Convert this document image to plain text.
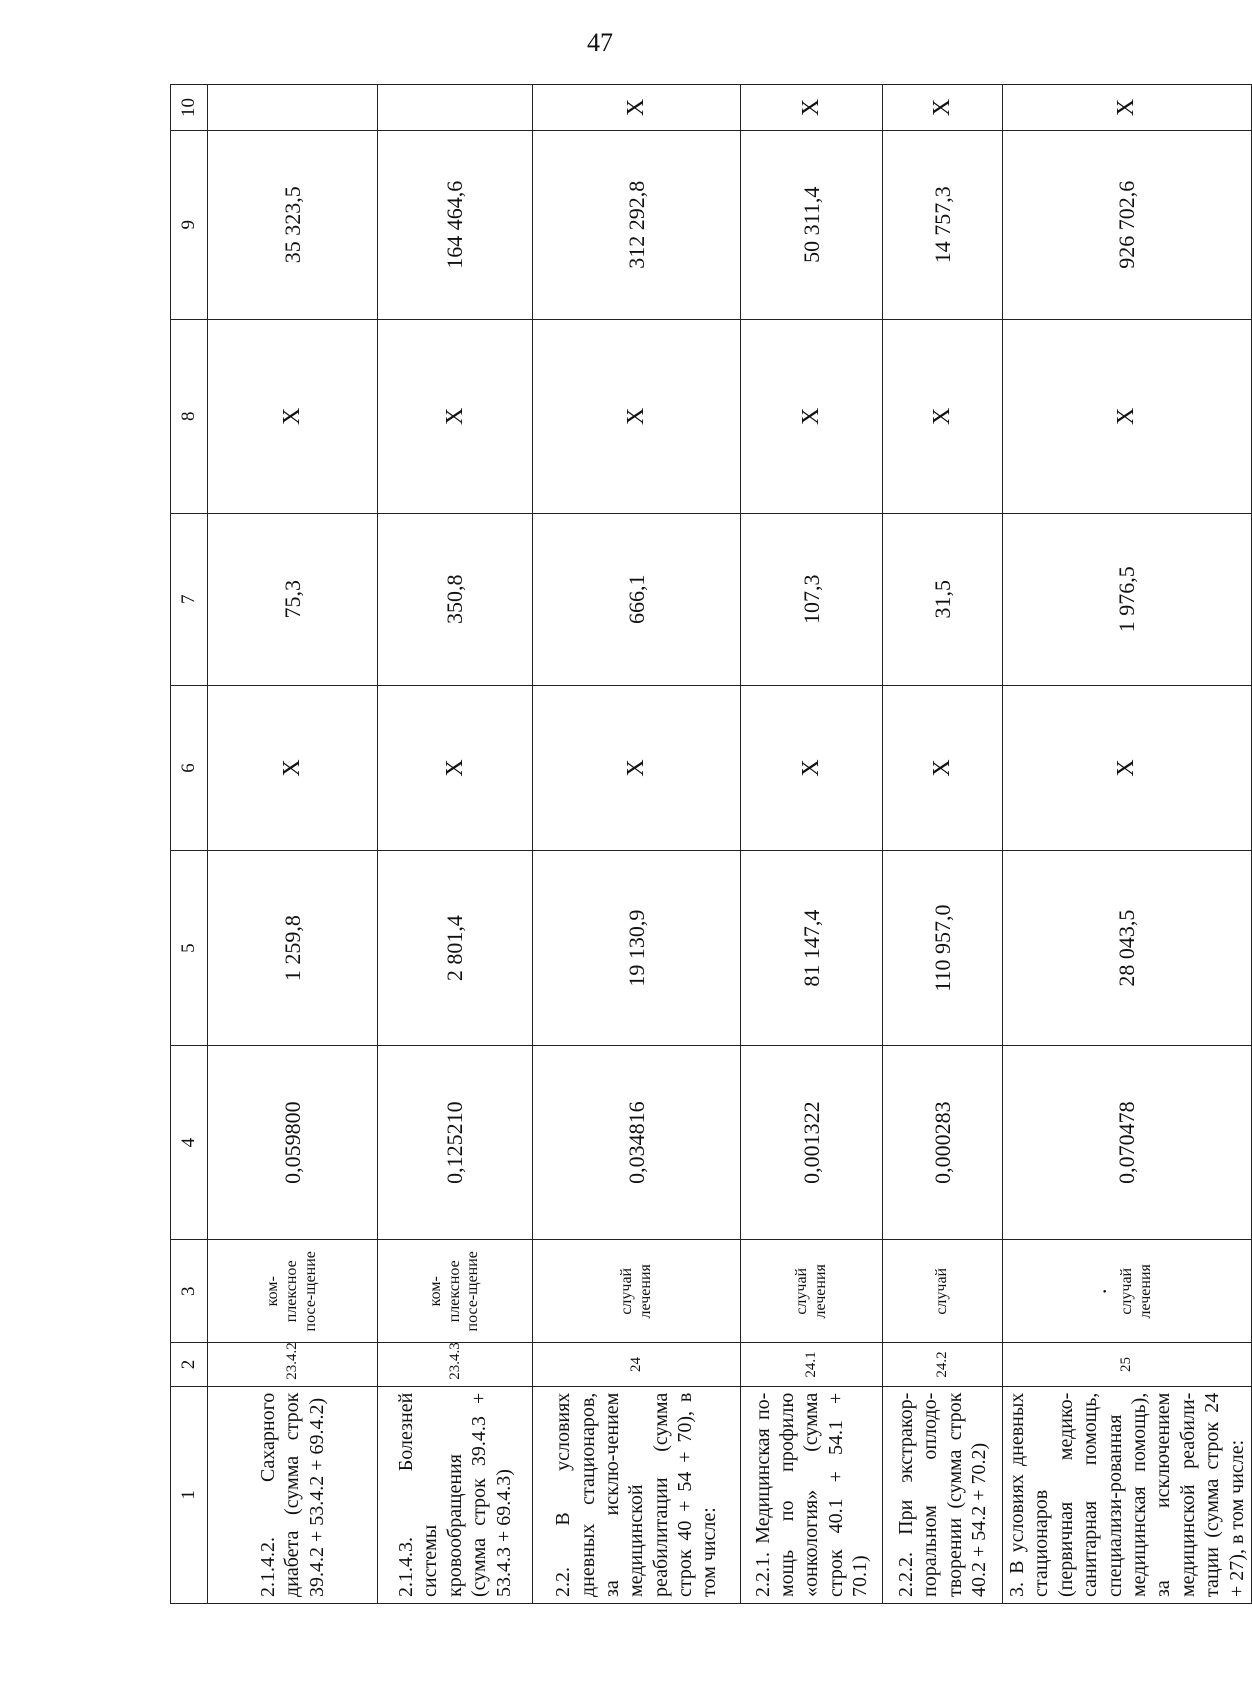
47
1	2	3	4	5	6	7	8	9	10
2.1.4.2. Сахарного диабета (сумма строк 39.4.2 + 53.4.2 + 69.4.2)	23.4.2	ком-плексное посе-щение	0,059800	1 259,8	X	75,3	X	35 323,5	
2.1.4.3. Болезней системы кровообращения (сумма строк 39.4.3 + 53.4.3 + 69.4.3)	23.4.3	ком-плексное посе-щение	0,125210	2 801,4	X	350,8	X	164 464,6	
2.2. В условиях дневных стационаров, за исклю-чением медицинской реабилитации (сумма строк 40 + 54 + 70), в том числе:	24	случай лечения	0,034816	19 130,9	X	666,1	X	312 292,8	X
2.2.1. Медицинская по-мощь по профилю «онкология» (сумма строк 40.1 + 54.1 + 70.1)	24.1	случай лечения	0,001322	81 147,4	X	107,3	X	50 311,4	X
2.2.2. При экстракор-поральном оплодо-творении (сумма строк 40.2 + 54.2 + 70.2)	24.2	случай	0,000283	110 957,0	X	31,5	X	14 757,3	X
3. В условиях дневных стационаров (первичная медико-санитарная помощь, специализи-рованная медицинская помощь), за исключением медицинской реабили-тации (сумма строк 24 + 27), в том числе:	25	· случай лечения	0,070478	28 043,5	X	1 976,5	X	926 702,6	X
